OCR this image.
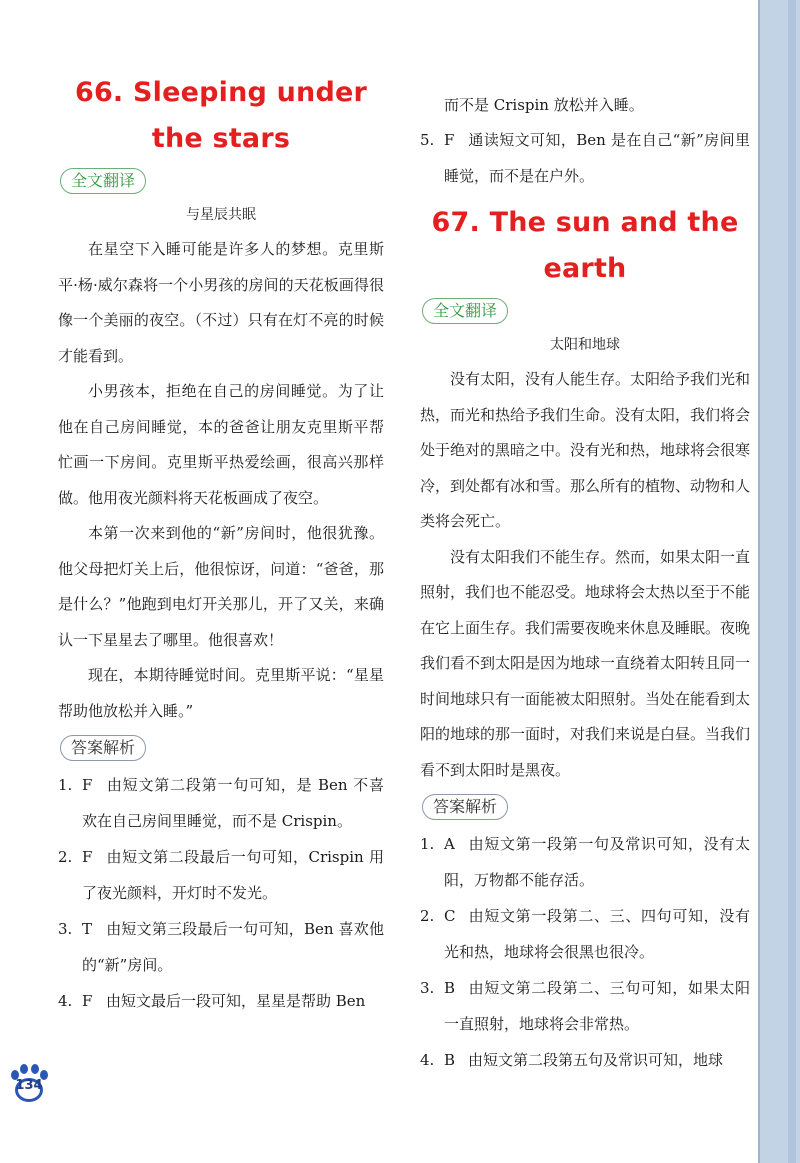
66. Sleeping under the stars
全文翻译
与星辰共眠

在星空下入睡可能是许多人的梦想。克里斯平·杨·威尔森将一个小男孩的房间的天花板画得很像一个美丽的夜空。（不过）只有在灯不亮的时候才能看到。

小男孩本，拒绝在自己的房间睡觉。为了让他在自己房间睡觉，本的爸爸让朋友克里斯平帮忙画一下房间。克里斯平热爱绘画，很高兴那样做。他用夜光颜料将天花板画成了夜空。

本第一次来到他的“新”房间时，他很犹豫。他父母把灯关上后，他很惊讶，问道：“爸爸，那是什么？”他跑到电灯开关那儿，开了又关，来确认一下星星去了哪里。他很喜欢！

现在，本期待睡觉时间。克里斯平说：“星星帮助他放松并入睡。”

答案解析

1. F 由短文第二段第一句可知，是 Ben 不喜欢在自己房间里睡觉，而不是 Crispin。

2. F 由短文第二段最后一句可知，Crispin 用了夜光颜料，开灯时不发光。

3. T 由短文第三段最后一句可知，Ben 喜欢他的“新”房间。

4. F 由短文最后一段可知，星星是帮助 Ben

而不是 Crispin 放松并入睡。

5. F 通读短文可知，Ben 是在自己“新”房间里睡觉，而不是在户外。

67. The sun and the earth
全文翻译
太阳和地球

没有太阳，没有人能生存。太阳给予我们光和热，而光和热给予我们生命。没有太阳，我们将会处于绝对的黑暗之中。没有光和热，地球将会很寒冷，到处都有冰和雪。那么所有的植物、动物和人类将会死亡。

没有太阳我们不能生存。然而，如果太阳一直照射，我们也不能忍受。地球将会太热以至于不能在它上面生存。我们需要夜晚来休息及睡眠。夜晚我们看不到太阳是因为地球一直绕着太阳转且同一时间地球只有一面能被太阳照射。当处在能看到太阳的地球的那一面时，对我们来说是白昼。当我们看不到太阳时是黑夜。

答案解析

1. A 由短文第一段第一句及常识可知，没有太阳，万物都不能存活。

2. C 由短文第一段第二、三、四句可知，没有光和热，地球将会很黑也很冷。

3. B 由短文第二段第二、三句可知，如果太阳一直照射，地球将会非常热。

4. B 由短文第二段第五句及常识可知，地球

134
